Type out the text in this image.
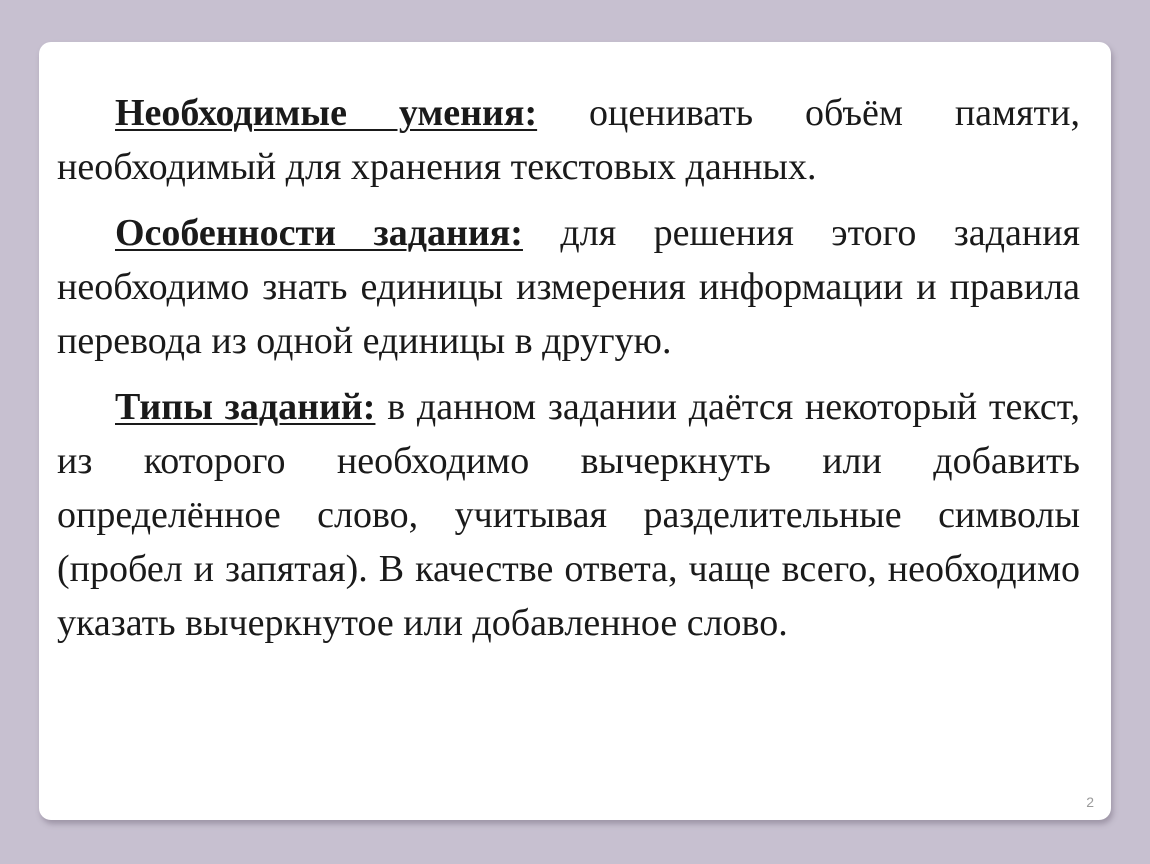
Необходимые умения: оценивать объём памяти, необходимый для хранения текстовых данных.

Особенности задания: для решения этого задания необходимо знать единицы измерения информации и правила перевода из одной единицы в другую.

Типы заданий: в данном задании даётся некоторый текст, из которого необходимо вычеркнуть или добавить определённое слово, учитывая разделительные символы (пробел и запятая). В качестве ответа, чаще всего, необходимо указать вычеркнутое или добавленное слово.

2
